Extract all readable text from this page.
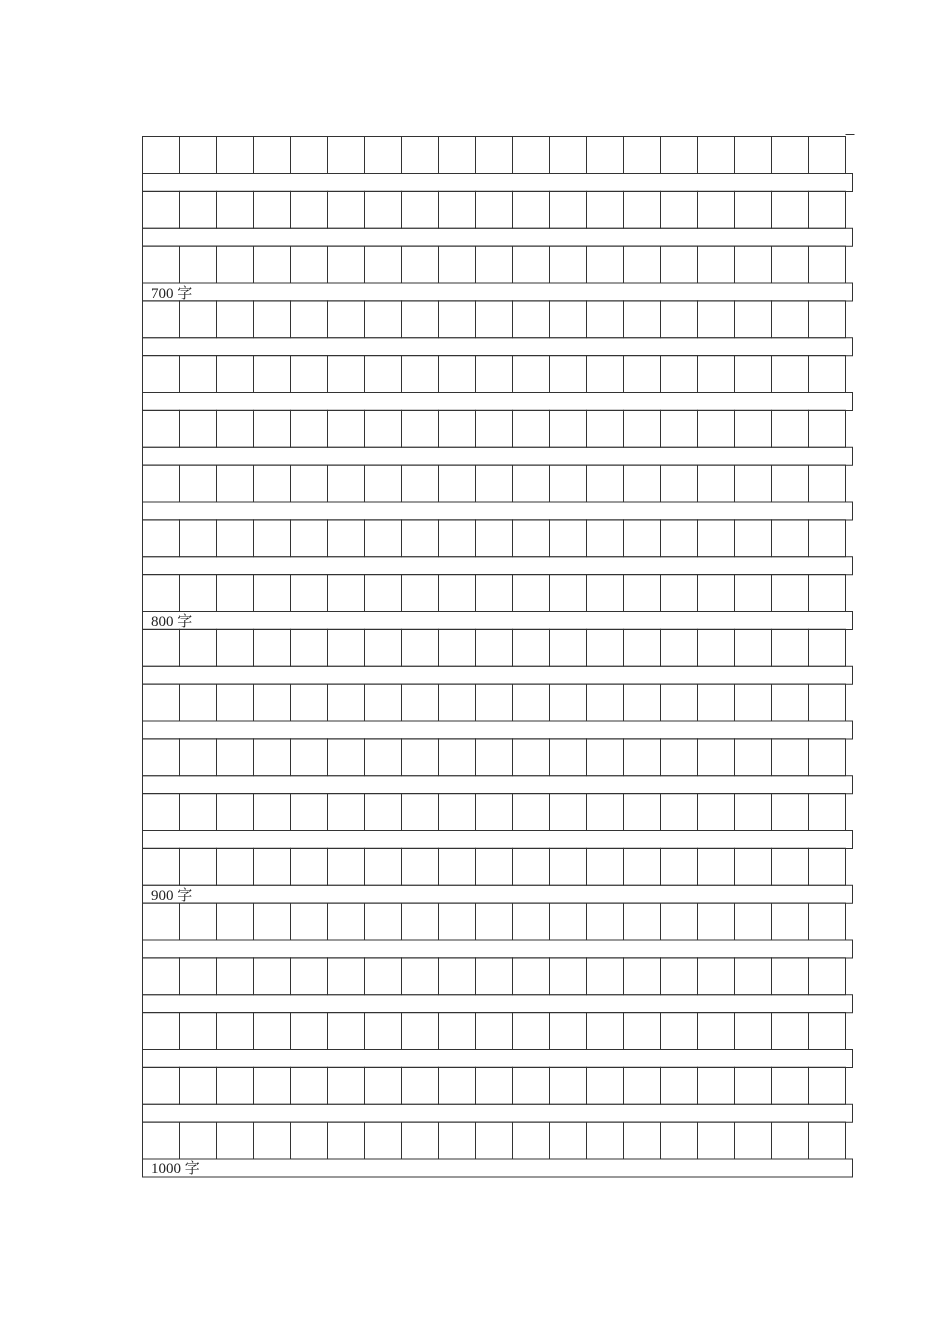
700 字
800 字
900 字
1000 字
